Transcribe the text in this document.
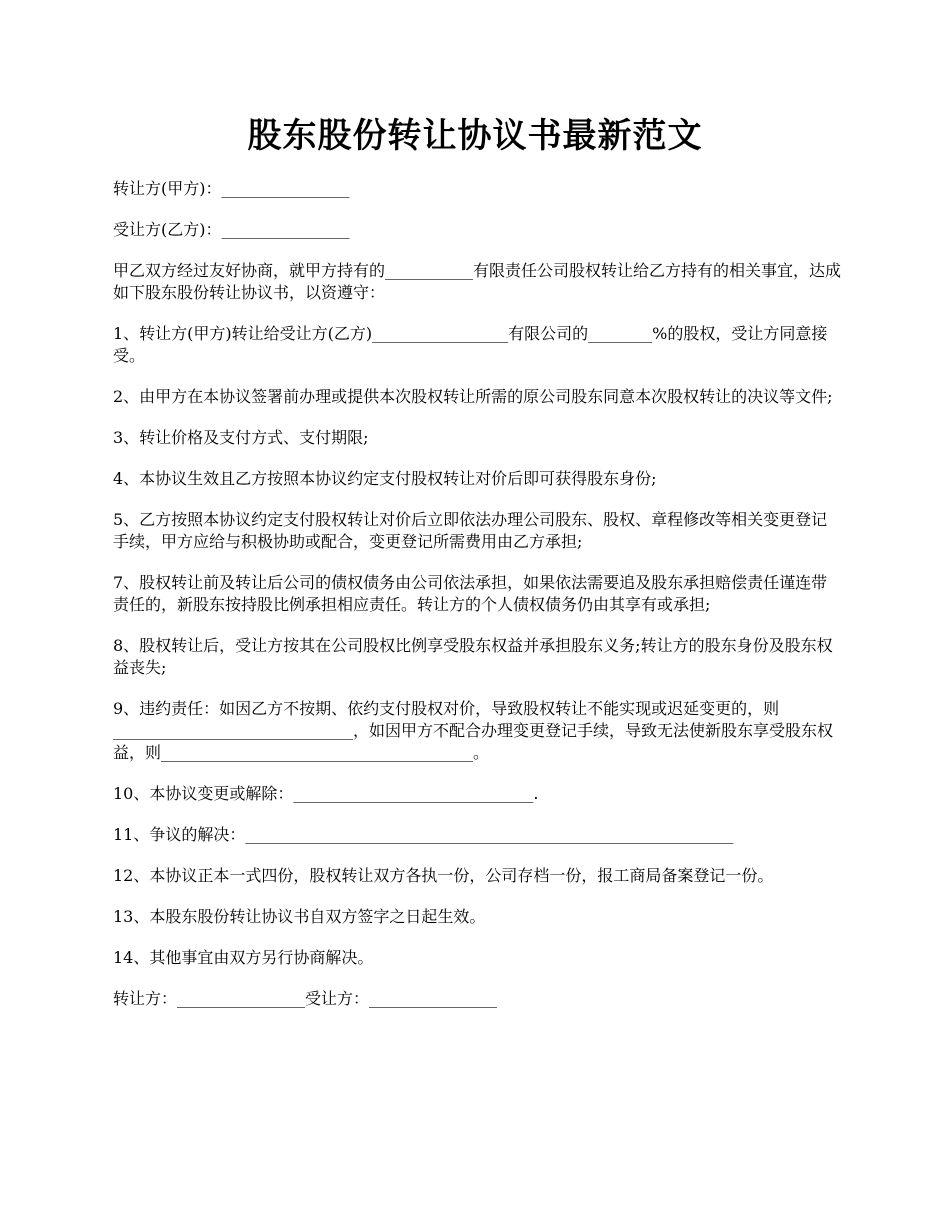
股东股份转让协议书最新范文

转让方(甲方)：________________

受让方(乙方)：________________

甲乙双方经过友好协商，就甲方持有的___________有限责任公司股权转让给乙方持有的相关事宜，达成如下股东股份转让协议书，以资遵守：

1、转让方(甲方)转让给受让方(乙方)_________________有限公司的________%的股权，受让方同意接受。

2、由甲方在本协议签署前办理或提供本次股权转让所需的原公司股东同意本次股权转让的决议等文件;

3、转让价格及支付方式、支付期限;

4、本协议生效且乙方按照本协议约定支付股权转让对价后即可获得股东身份;

5、乙方按照本协议约定支付股权转让对价后立即依法办理公司股东、股权、章程修改等相关变更登记手续，甲方应给与积极协助或配合，变更登记所需费用由乙方承担;

7、股权转让前及转让后公司的债权债务由公司依法承担，如果依法需要追及股东承担赔偿责任谨连带责任的，新股东按持股比例承担相应责任。转让方的个人债权债务仍由其享有或承担;

8、股权转让后，受让方按其在公司股权比例享受股东权益并承担股东义务;转让方的股东身份及股东权益丧失;

9、违约责任：如因乙方不按期、依约支付股权对价，导致股权转让不能实现或迟延变更的，则______________________________，如因甲方不配合办理变更登记手续，导致无法使新股东享受股东权益，则_______________________________________。

10、本协议变更或解除：______________________________.

11、争议的解决：_____________________________________________________________

12、本协议正本一式四份，股权转让双方各执一份，公司存档一份，报工商局备案登记一份。

13、本股东股份转让协议书自双方签字之日起生效。

14、其他事宜由双方另行协商解决。

转让方：________________受让方：________________
